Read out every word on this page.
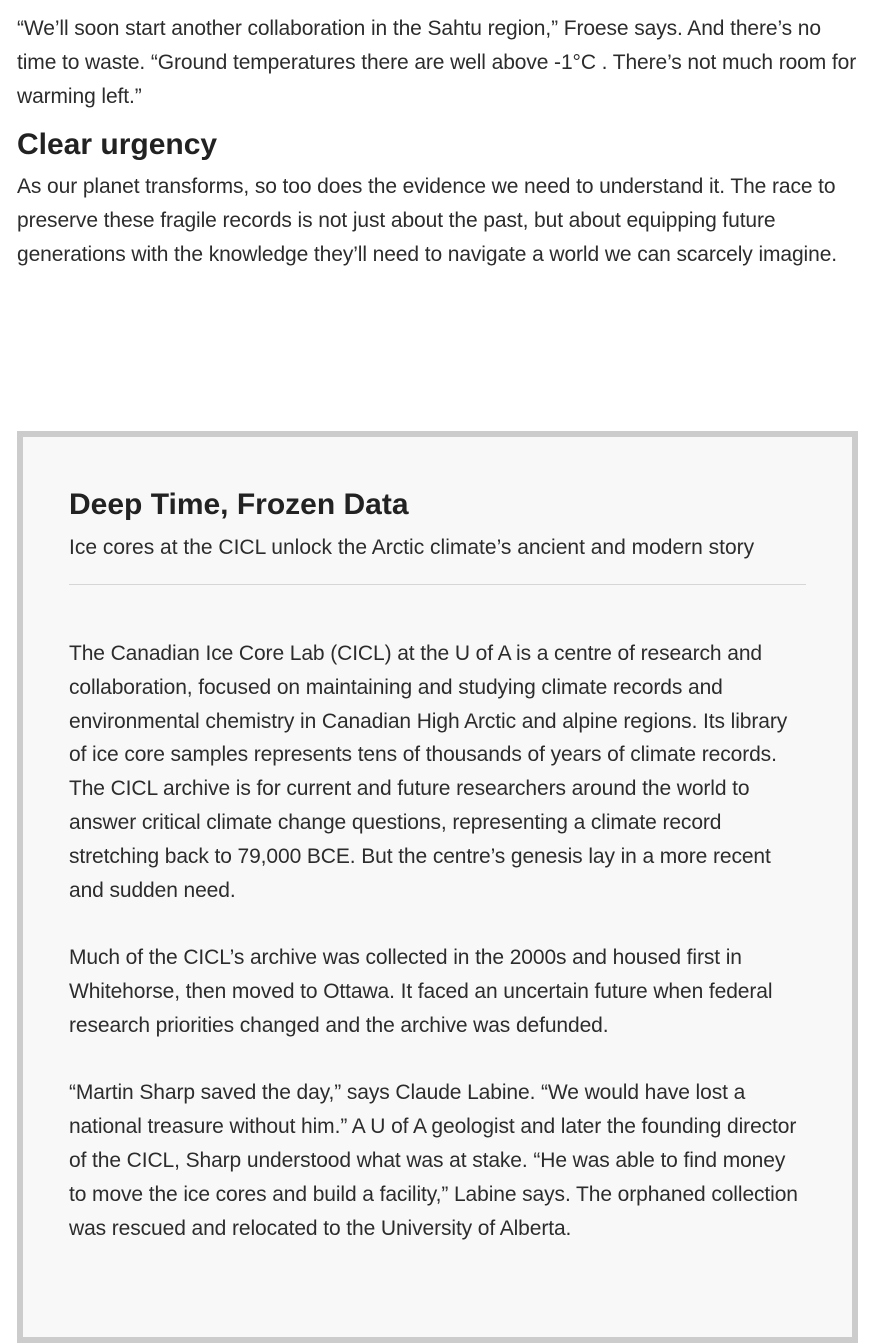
“We’ll soon start another collaboration in the Sahtu region,” Froese says. And there’s no time to waste. “Ground temperatures there are well above -1°C . There’s not much room for warming left.”

Clear urgency

As our planet transforms, so too does the evidence we need to understand it. The race to preserve these fragile records is not just about the past, but about equipping future generations with the knowledge they’ll need to navigate a world we can scarcely imagine.

Deep Time, Frozen Data

Ice cores at the CICL unlock the Arctic climate’s ancient and modern story

The Canadian Ice Core Lab (CICL) at the U of A is a centre of research and collaboration, focused on maintaining and studying climate records and environmental chemistry in Canadian High Arctic and alpine regions. Its library of ice core samples represents tens of thousands of years of climate records. The CICL archive is for current and future researchers around the world to answer critical climate change questions, representing a climate record stretching back to 79,000 BCE. But the centre’s genesis lay in a more recent and sudden need.

Much of the CICL’s archive was collected in the 2000s and housed first in Whitehorse, then moved to Ottawa. It faced an uncertain future when federal research priorities changed and the archive was defunded.

“Martin Sharp saved the day,” says Claude Labine. “We would have lost a national treasure without him.” A U of A geologist and later the founding director of the CICL, Sharp understood what was at stake. “He was able to find money to move the ice cores and build a facility,” Labine says. The orphaned collection was rescued and relocated to the University of Alberta.
